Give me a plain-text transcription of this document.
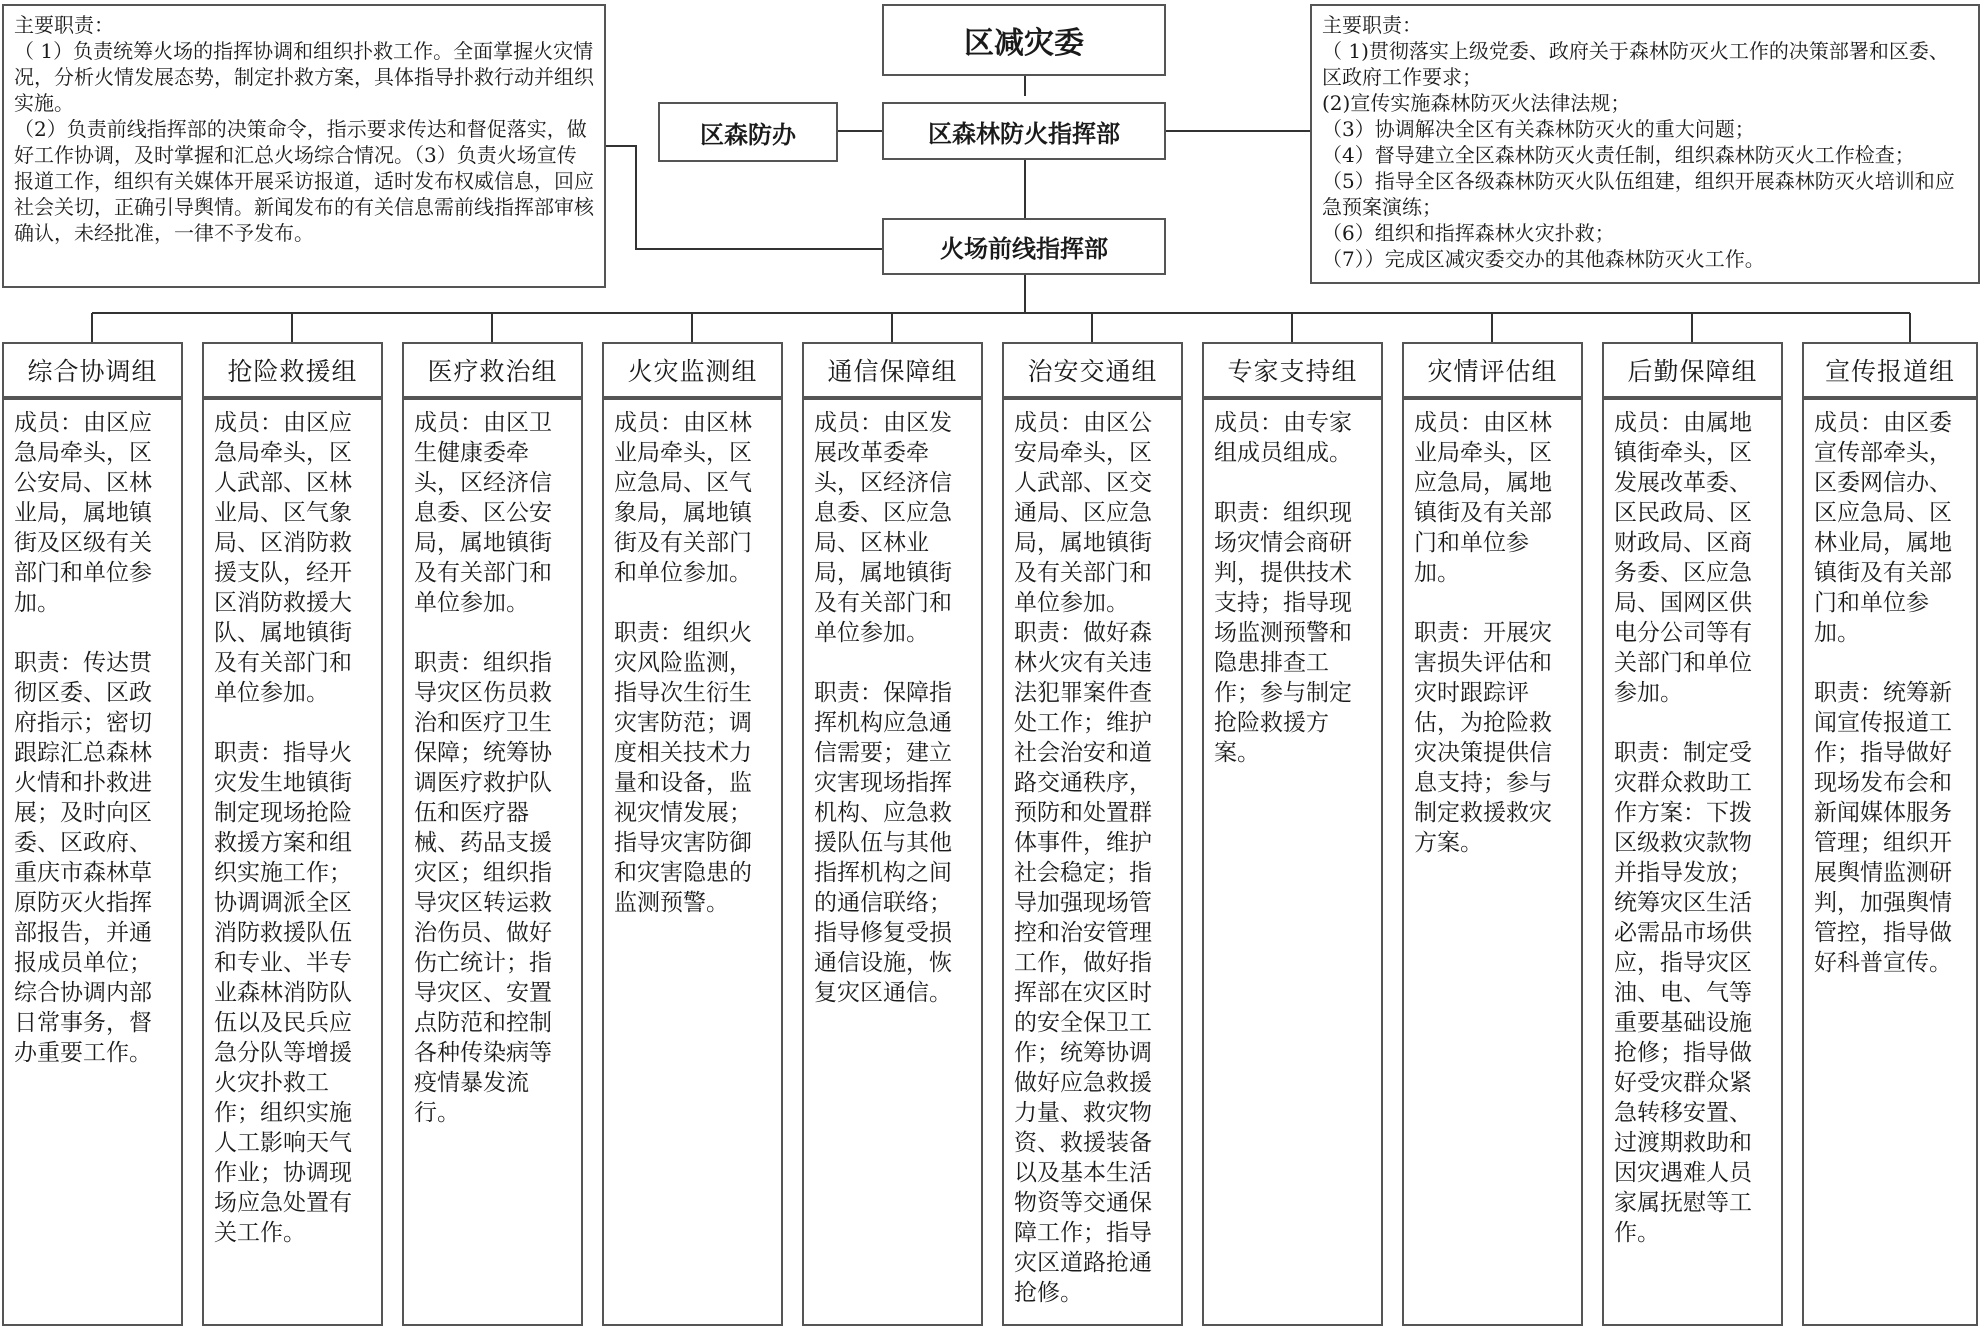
区减灾委
区森防办	区森林防火指挥部
火场前线指挥部
主要职责：
（ 1）负责统筹火场的指挥协调和组织扑救工作。全面掌握火灾情况，分析火情发展态势，制定扑救方案，具体指导扑救行动并组织实施。
（2）负责前线指挥部的决策命令，指示要求传达和督促落实，做好工作协调，及时掌握和汇总火场综合情况。（3）负责火场宣传报道工作，组织有关媒体开展采访报道，适时发布权威信息，回应社会关切，正确引导舆情。新闻发布的有关信息需前线指挥部审核确认，未经批准，一律不予发布。
主要职责：
（ 1)贯彻落实上级党委、政府关于森林防灭火工作的决策部署和区委、区政府工作要求；
(2)宣传实施森林防灭火法律法规；
（3）协调解决全区有关森林防灭火的重大问题；
（4）督导建立全区森林防灭火责任制，组织森林防灭火工作检查；
（5）指导全区各级森林防灭火队伍组建，组织开展森林防灭火培训和应急预案演练；
（6）组织和指挥森林火灾扑救；
（7））完成区减灾委交办的其他森林防灭火工作。
综合协调组
成员：由区应急局牵头，区公安局、区林业局，属地镇街及区级有关部门和单位参加。

职责：传达贯彻区委、区政府指示；密切跟踪汇总森林火情和扑救进展；及时向区委、区政府、重庆市森林草原防灭火指挥部报告，并通报成员单位；综合协调内部日常事务，督办重要工作。
抢险救援组
成员：由区应急局牵头，区人武部、区林业局、区气象局、区消防救援支队，经开区消防救援大队、属地镇街及有关部门和单位参加。

职责：指导火灾发生地镇街制定现场抢险救援方案和组织实施工作；协调调派全区消防救援队伍和专业、半专业森林消防队伍以及民兵应急分队等增援火灾扑救工作；组织实施人工影响天气作业；协调现场应急处置有关工作。
医疗救治组
成员：由区卫生健康委牵头，区经济信息委、区公安局，属地镇街及有关部门和单位参加。

职责：组织指导灾区伤员救治和医疗卫生保障；统筹协调医疗救护队伍和医疗器械、药品支援灾区；组织指导灾区转运救治伤员、做好伤亡统计；指导灾区、安置点防范和控制各种传染病等疫情暴发流行。
火灾监测组
成员：由区林业局牵头，区应急局、区气象局，属地镇街及有关部门和单位参加。

职责：组织火灾风险监测，指导次生衍生灾害防范；调度相关技术力量和设备，监视灾情发展；指导灾害防御和灾害隐患的监测预警。
通信保障组
成员：由区发展改革委牵头，区经济信息委、区应急局、区林业局，属地镇街及有关部门和单位参加。

职责：保障指挥机构应急通信需要；建立灾害现场指挥机构、应急救援队伍与其他指挥机构之间的通信联络；指导修复受损通信设施，恢复灾区通信。
治安交通组
成员：由区公安局牵头，区人武部、区交通局、区应急局，属地镇街及有关部门和单位参加。
职责：做好森林火灾有关违法犯罪案件查处工作；维护社会治安和道路交通秩序，预防和处置群体事件，维护社会稳定；指导加强现场管控和治安管理工作，做好指挥部在灾区时的安全保卫工作；统筹协调做好应急救援力量、救灾物资、救援装备以及基本生活物资等交通保障工作；指导灾区道路抢通抢修。
专家支持组
成员：由专家组成员组成。

职责：组织现场灾情会商研判，提供技术支持；指导现场监测预警和隐患排查工作；参与制定抢险救援方案。
灾情评估组
成员：由区林业局牵头，区应急局，属地镇街及有关部门和单位参加。

职责：开展灾害损失评估和灾时跟踪评估，为抢险救灾决策提供信息支持；参与制定救援救灾方案。
后勤保障组
成员：由属地镇街牵头，区发展改革委、区民政局、区财政局、区商务委、区应急局、国网区供电分公司等有关部门和单位参加。

职责：制定受灾群众救助工作方案：下拨区级救灾款物并指导发放；统筹灾区生活必需品市场供应，指导灾区油、电、气等重要基础设施抢修；指导做好受灾群众紧急转移安置、过渡期救助和因灾遇难人员家属抚慰等工作。
宣传报道组
成员：由区委宣传部牵头，区委网信办、区应急局、区林业局，属地镇街及有关部门和单位参加。

职责：统筹新闻宣传报道工作；指导做好现场发布会和新闻媒体服务管理；组织开展舆情监测研判，加强舆情管控，指导做好科普宣传。
